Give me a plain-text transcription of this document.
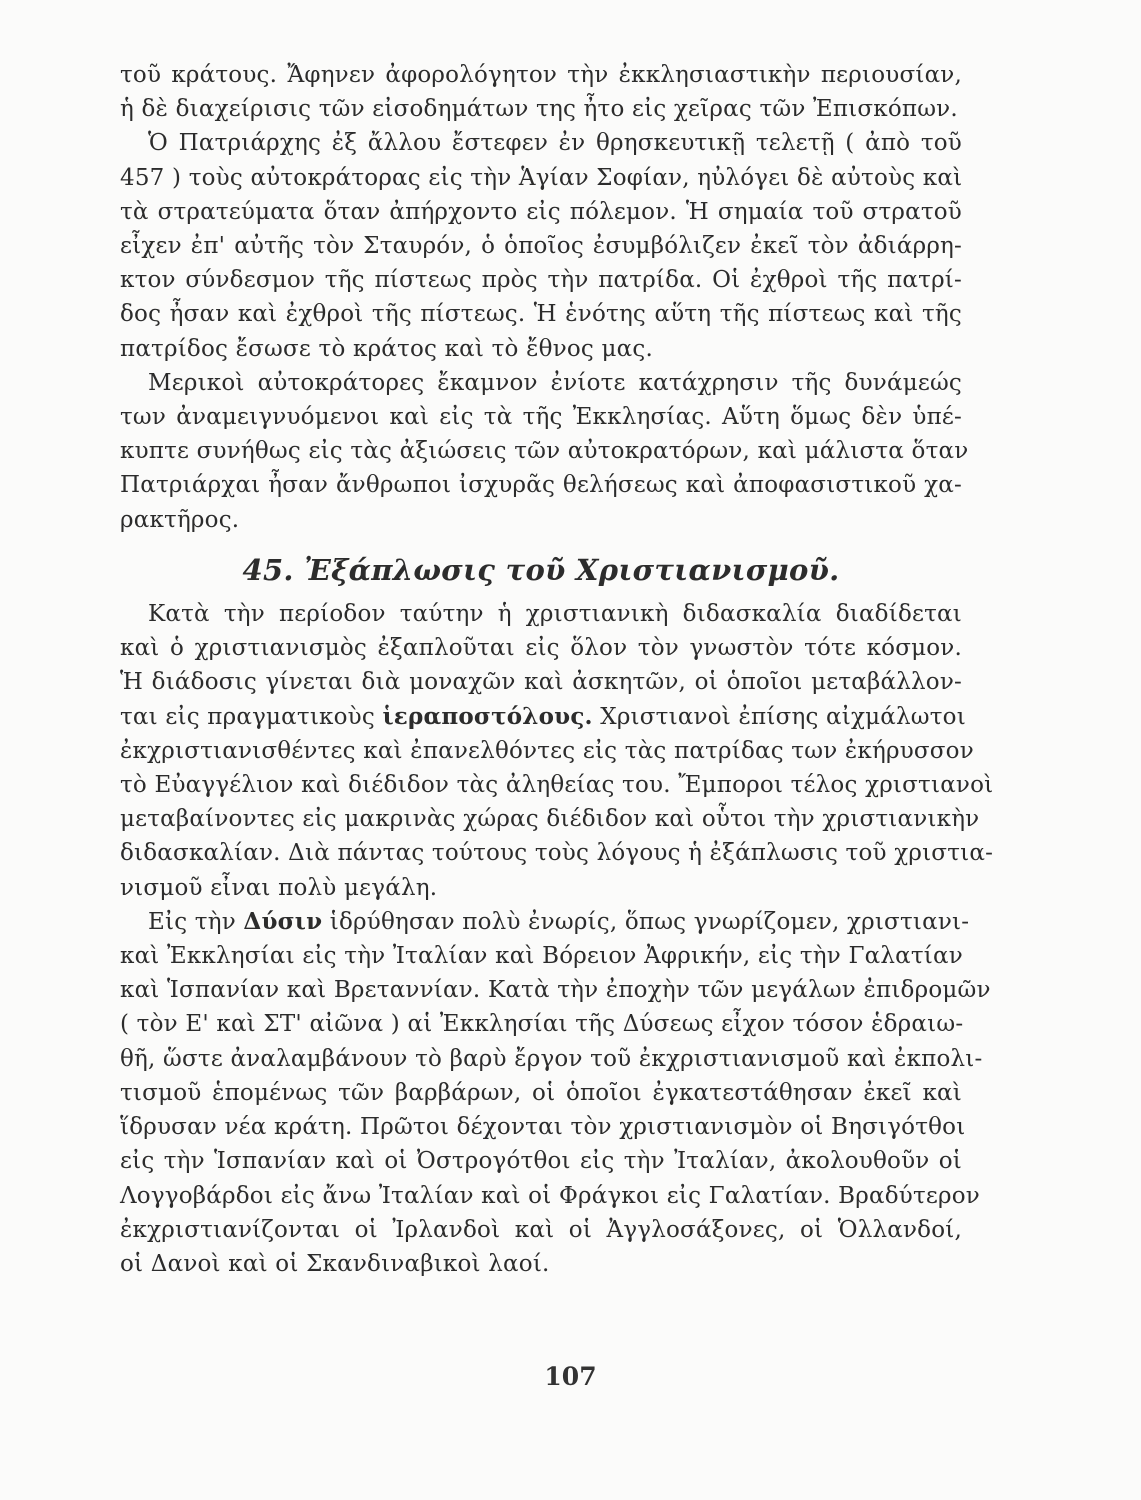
τοῦ κράτους. Ἄφηνεν ἀφορολόγητον τὴν ἐκκλησιαστικὴν περιουσίαν,
ἡ δὲ διαχείρισις τῶν εἰσοδημάτων της ἦτο εἰς χεῖρας τῶν Ἐπισκόπων.
Ὁ Πατριάρχης ἐξ ἄλλου ἔστεφεν ἐν θρησκευτικῇ τελετῇ ( ἀπὸ τοῦ
457 ) τοὺς αὐτοκράτορας εἰς τὴν Ἁγίαν Σοφίαν, ηὐλόγει δὲ αὐτοὺς καὶ
τὰ στρατεύματα ὅταν ἀπήρχοντο εἰς πόλεμον. Ἡ σημαία τοῦ στρατοῦ
εἶχεν ἐπ' αὐτῆς τὸν Σταυρόν, ὁ ὁποῖος ἐσυμβόλιζεν ἐκεῖ τὸν ἀδιάρρη-
κτον σύνδεσμον τῆς πίστεως πρὸς τὴν πατρίδα. Οἱ ἐχθροὶ τῆς πατρί-
δος ἦσαν καὶ ἐχθροὶ τῆς πίστεως. Ἡ ἑνότης αὕτη τῆς πίστεως καὶ τῆς
πατρίδος ἔσωσε τὸ κράτος καὶ τὸ ἔθνος μας.
Μερικοὶ αὐτοκράτορες ἔκαμνον ἐνίοτε κατάχρησιν τῆς δυνάμεώς
των ἀναμειγνυόμενοι καὶ εἰς τὰ τῆς Ἐκκλησίας. Αὕτη ὅμως δὲν ὑπέ-
κυπτε συνήθως εἰς τὰς ἀξιώσεις τῶν αὐτοκρατόρων, καὶ μάλιστα ὅταν
Πατριάρχαι ἦσαν ἄνθρωποι ἰσχυρᾶς θελήσεως καὶ ἀποφασιστικοῦ χα-
ρακτῆρος.
45. Ἐξάπλωσις τοῦ Χριστιανισμοῦ.
Κατὰ τὴν περίοδον ταύτην ἡ χριστιανικὴ διδασκαλία διαδίδεται
καὶ ὁ χριστιανισμὸς ἐξαπλοῦται εἰς ὅλον τὸν γνωστὸν τότε κόσμον.
Ἡ διάδοσις γίνεται διὰ μοναχῶν καὶ ἀσκητῶν, οἱ ὁποῖοι μεταβάλλον-
ται εἰς πραγματικοὺς ἱεραποστόλους. Χριστιανοὶ ἐπίσης αἰχμάλωτοι
ἐκχριστιανισθέντες καὶ ἐπανελθόντες εἰς τὰς πατρίδας των ἐκήρυσσον
τὸ Εὐαγγέλιον καὶ διέδιδον τὰς ἀληθείας του. Ἔμποροι τέλος χριστιανοὶ
μεταβαίνοντες εἰς μακρινὰς χώρας διέδιδον καὶ οὗτοι τὴν χριστιανικὴν
διδασκαλίαν. Διὰ πάντας τούτους τοὺς λόγους ἡ ἐξάπλωσις τοῦ χριστια-
νισμοῦ εἶναι πολὺ μεγάλη.
Εἰς τὴν Δύσιν ἱδρύθησαν πολὺ ἐνωρίς, ὅπως γνωρίζομεν, χριστιανι-
καὶ Ἐκκλησίαι εἰς τὴν Ἰταλίαν καὶ Βόρειον Ἀφρικήν, εἰς τὴν Γαλατίαν
καὶ Ἱσπανίαν καὶ Βρεταννίαν. Κατὰ τὴν ἐποχὴν τῶν μεγάλων ἐπιδρομῶν
( τὸν Ε' καὶ ΣΤ' αἰῶνα ) αἱ Ἐκκλησίαι τῆς Δύσεως εἶχον τόσον ἑδραιω-
θῆ, ὥστε ἀναλαμβάνουν τὸ βαρὺ ἔργον τοῦ ἐκχριστιανισμοῦ καὶ ἐκπολι-
τισμοῦ ἑπομένως τῶν βαρβάρων, οἱ ὁποῖοι ἐγκατεστάθησαν ἐκεῖ καὶ
ἵδρυσαν νέα κράτη. Πρῶτοι δέχονται τὸν χριστιανισμὸν οἱ Βησιγότθοι
εἰς τὴν Ἱσπανίαν καὶ οἱ Ὀστρογότθοι εἰς τὴν Ἰταλίαν, ἀκολουθοῦν οἱ
Λογγοβάρδοι εἰς ἄνω Ἰταλίαν καὶ οἱ Φράγκοι εἰς Γαλατίαν. Βραδύτερον
ἐκχριστιανίζονται οἱ Ἰρλανδοὶ καὶ οἱ Ἀγγλοσάξονες, οἱ Ὁλλανδοί,
οἱ Δανοὶ καὶ οἱ Σκανδιναβικοὶ λαοί.
107
